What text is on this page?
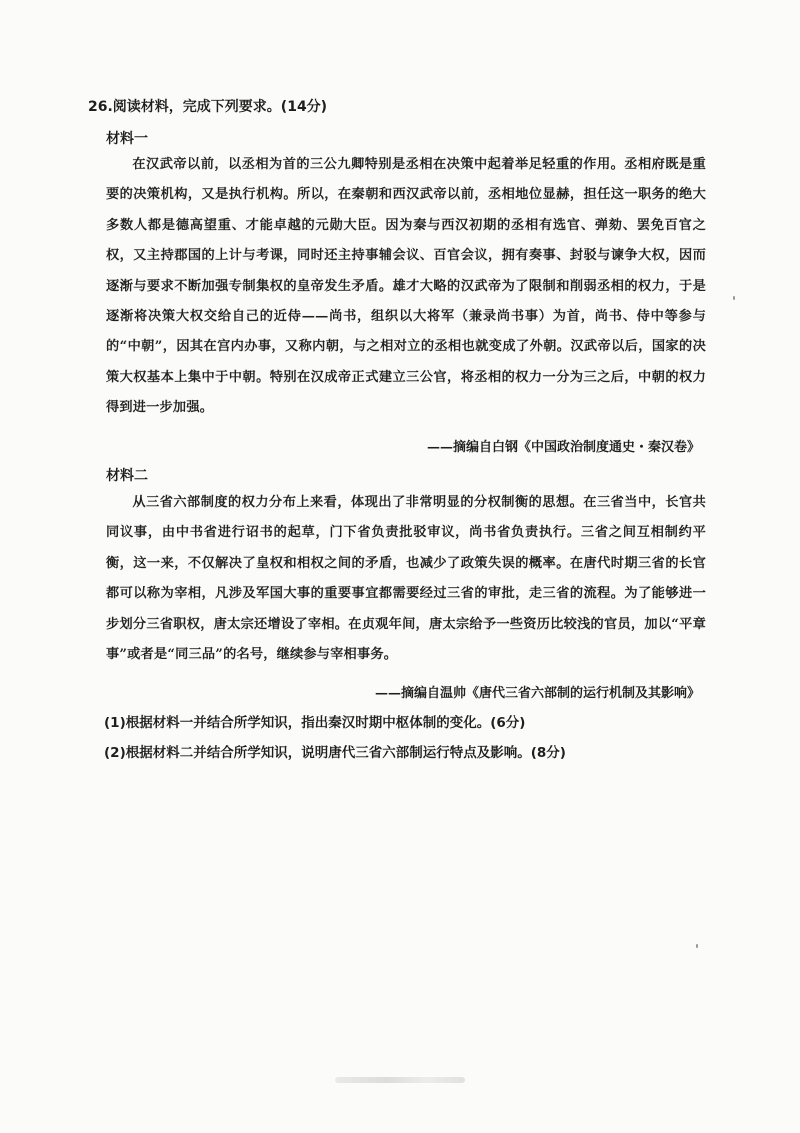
26.阅读材料，完成下列要求。(14分)
材料一
在汉武帝以前，以丞相为首的三公九卿特别是丞相在决策中起着举足轻重的作用。丞相府既是重要的决策机构，又是执行机构。所以，在秦朝和西汉武帝以前，丞相地位显赫，担任这一职务的绝大多数人都是德高望重、才能卓越的元勋大臣。因为秦与西汉初期的丞相有选官、弹劾、罢免百官之权，又主持郡国的上计与考课，同时还主持事辅会议、百官会议，拥有奏事、封驳与谏争大权，因而逐渐与要求不断加强专制集权的皇帝发生矛盾。雄才大略的汉武帝为了限制和削弱丞相的权力，于是逐渐将决策大权交给自己的近侍——尚书，组织以大将军（兼录尚书事）为首，尚书、侍中等参与的“中朝”，因其在宫内办事，又称内朝，与之相对立的丞相也就变成了外朝。汉武帝以后，国家的决策大权基本上集中于中朝。特别在汉成帝正式建立三公官，将丞相的权力一分为三之后，中朝的权力得到进一步加强。
——摘编自白钢《中国政治制度通史・秦汉卷》
材料二
从三省六部制度的权力分布上来看，体现出了非常明显的分权制衡的思想。在三省当中，长官共同议事，由中书省进行诏书的起草，门下省负责批驳审议，尚书省负责执行。三省之间互相制约平衡，这一来，不仅解决了皇权和相权之间的矛盾，也减少了政策失误的概率。在唐代时期三省的长官都可以称为宰相，凡涉及军国大事的重要事宜都需要经过三省的审批，走三省的流程。为了能够进一步划分三省职权，唐太宗还增设了宰相。在贞观年间，唐太宗给予一些资历比较浅的官员，加以“平章事”或者是“同三品”的名号，继续参与宰相事务。
——摘编自温帅《唐代三省六部制的运行机制及其影响》
(1)根据材料一并结合所学知识，指出秦汉时期中枢体制的变化。(6分)
(2)根据材料二并结合所学知识，说明唐代三省六部制运行特点及影响。(8分)
